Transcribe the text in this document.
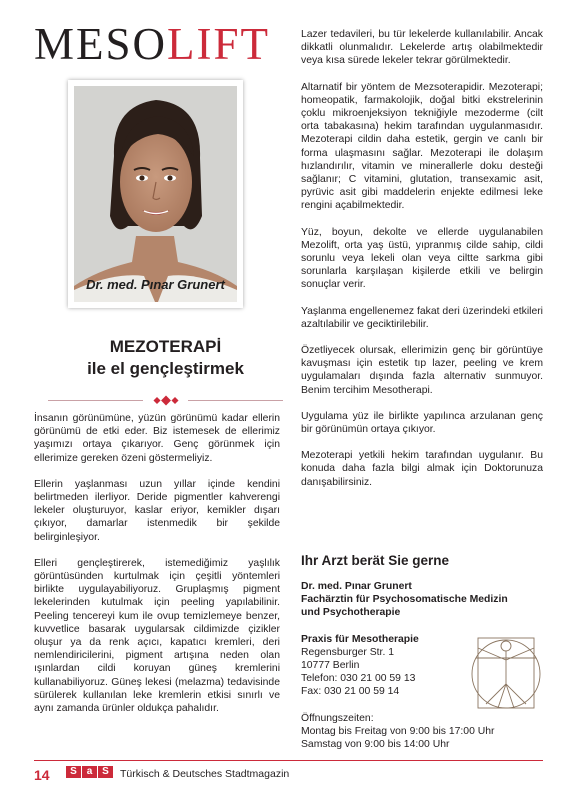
MESOLIFT
Dr. med. Pınar Grunert
MEZOTERAPİ
ile el gençleştirmek

İnsanın görünümüne, yüzün görünümü kadar ellerin görünümü de etki eder. Biz istemesek de ellerimiz yaşımızı ortaya çıkarıyor. Genç görünmek için ellerimize gereken özeni göstermeliyiz.

Ellerin yaşlanması uzun yıllar içinde kendini belirtmeden ilerliyor. Deride pigmentler kahverengi lekeler oluşturuyor, kaslar eriyor, kemikler dışarı çıkıyor, damarlar istenmedik bir şekilde belirginleşiyor.

Elleri gençleştirerek, istemediğimiz yaşlılık görüntüsünden kurtulmak için çeşitli yöntemleri birlikte uygulayabiliyoruz. Gruplaşmış pigment lekelerinden kutulmak için peeling yapılabilinir. Peeling tencereyi kum ile ovup temizlemeye benzer, kuvvetlice basarak uygularsak cildimizde çizikler oluşur ya da renk açıcı, kapatıcı kremleri, deri nemlendiricilerini, pigment artışına neden olan ışınlardan cildi koruyan güneş kremlerini kullanabiliyoruz. Güneş lekesi (melazma) tedavisinde sürülerek kullanılan leke kremlerin etkisi sınırlı ve aynı zamanda ürünler oldukça pahalıdır.

Lazer tedavileri, bu tür lekelerde kullanılabilir. Ancak dikkatli olunmalıdır. Lekelerde artış olabilmektedir veya kısa sürede lekeler tekrar görülmektedir.

Altarnatif bir yöntem de Mezsoterapidir. Mezoterapi; homeopatik, farmakolojik, doğal bitki ekstrelerinin çoklu mikroenjeksiyon tekniğiyle mezoderme (cilt orta tabakasına) hekim tarafından uygulanmasıdır. Mezoterapi cildin daha estetik, gergin ve canlı bir forma ulaşmasını sağlar. Mezoterapi ile dolaşım hızlandırılır, vitamin ve minerallerle doku desteği sağlanır; C vitamini, glutation, transexamic asit, pyrüvic asit gibi maddelerin enjekte edilmesi leke rengini açabilmektedir.

Yüz, boyun, dekolte ve ellerde uygulanabilen Mezolift, orta yaş üstü, yıpranmış cilde sahip, cildi sorunlu veya lekeli olan veya ciltte sarkma gibi sorunlarla karşılaşan kişilerde etkili ve belirgin sonuçlar verir.

Yaşlanma engellenemez fakat deri üzerindeki etkileri azaltılabilir ve geciktirilebilir.

Özetliyecek olursak, ellerimizin genç bir görüntüye kavuşması için estetik tıp lazer, peeling ve krem uygulamaları dışında fazla alternativ sunmuyor. Benim tercihim Mesotherapi.

Uygulama yüz ile birlikte yapılınca arzulanan genç bir görünümün ortaya çıkıyor.

Mezoterapi yetkili hekim tarafından uygulanır. Bu konuda daha fazla bilgi almak için Doktorunuza danışabilirsiniz.

Ihr Arzt berät Sie gerne
Dr. med. Pınar Grunert
Fachärztin für Psychosomatische Medizin
und Psychotherapie
Praxis für Mesotherapie
Regensburger Str. 1
10777 Berlin
Telefon: 030 21 00 59 13
Fax: 030 21 00 59 14
Öffnungszeiten:
Montag bis Freitag von 9:00 bis 17:00 Uhr
Samstag von 9:00 bis 14:00 Uhr
14	S a S	Türkisch & Deutsches Stadtmagazin
